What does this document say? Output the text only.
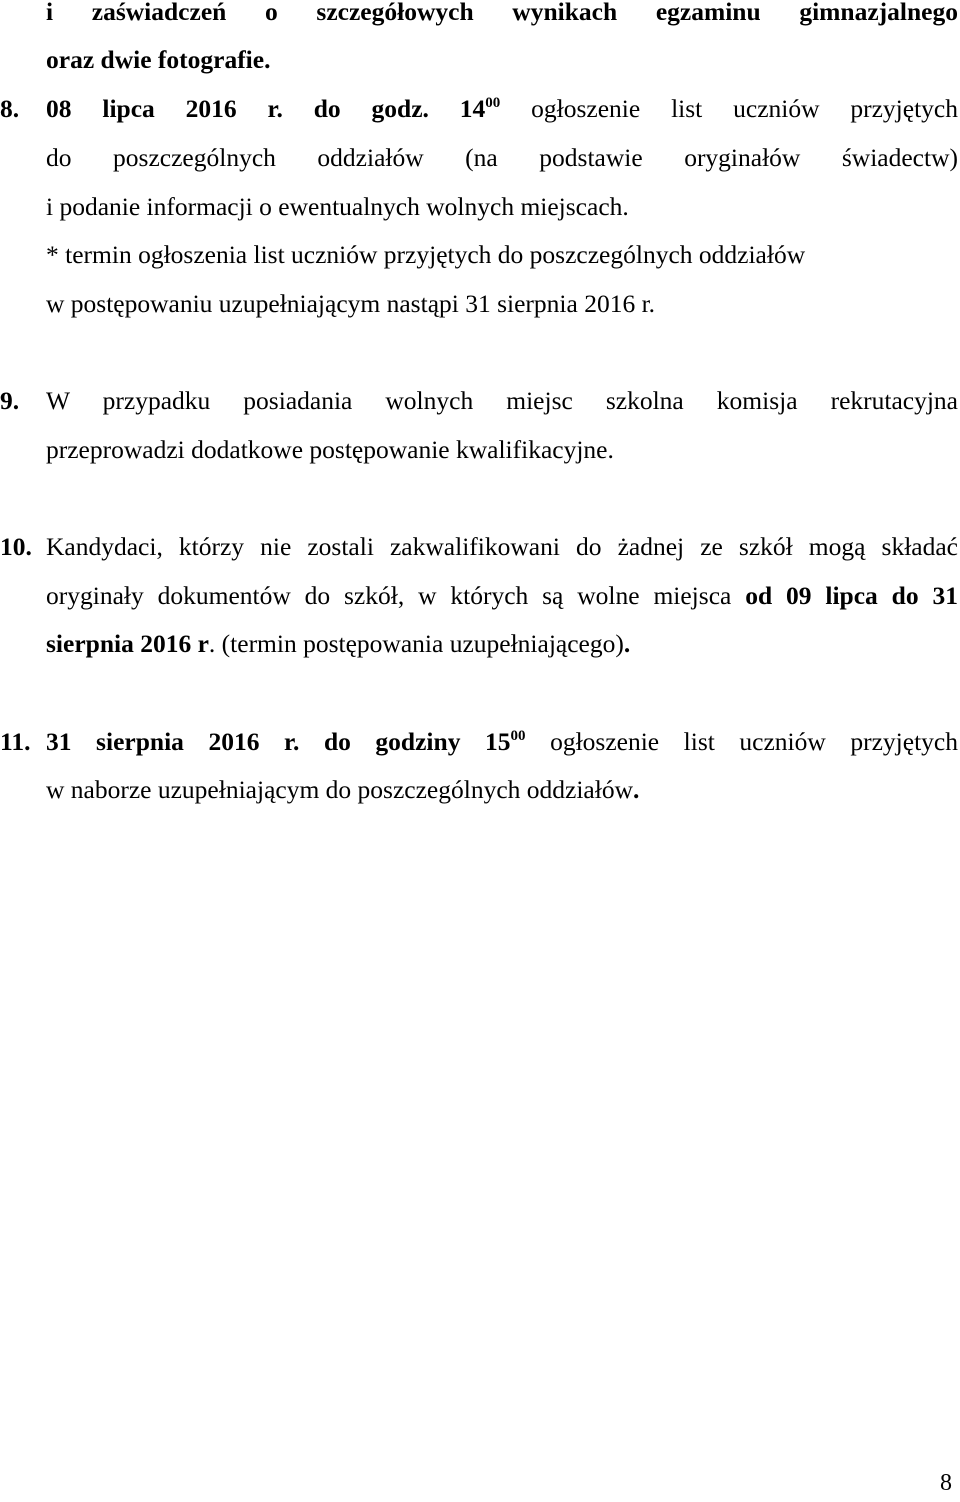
i zaświadczeń o szczegółowych wynikach egzaminu gimnazjalnego
oraz dwie fotografie.
8. 08 lipca 2016 r. do godz. $14^{00}$ ogłoszenie list uczniów przyjętych
do poszczególnych oddziałów (na podstawie oryginałów świadectw)
i podanie informacji o ewentualnych wolnych miejscach.
* termin ogłoszenia list uczniów przyjętych do poszczególnych oddziałów
w postępowaniu uzupełniającym nastąpi 31 sierpnia 2016 r.
9. W przypadku posiadania wolnych miejsc szkolna komisja rekrutacyjna
przeprowadzi dodatkowe postępowanie kwalifikacyjne.
10. Kandydaci, którzy nie zostali zakwalifikowani do żadnej ze szkół mogą składać
oryginały dokumentów do szkół, w których są wolne miejsca od 09 lipca do 31
sierpnia 2016 r. (termin postępowania uzupełniającego).
11. 31 sierpnia 2016 r. do godziny $15^{00}$ ogłoszenie list uczniów przyjętych
w naborze uzupełniającym do poszczególnych oddziałów.
8
